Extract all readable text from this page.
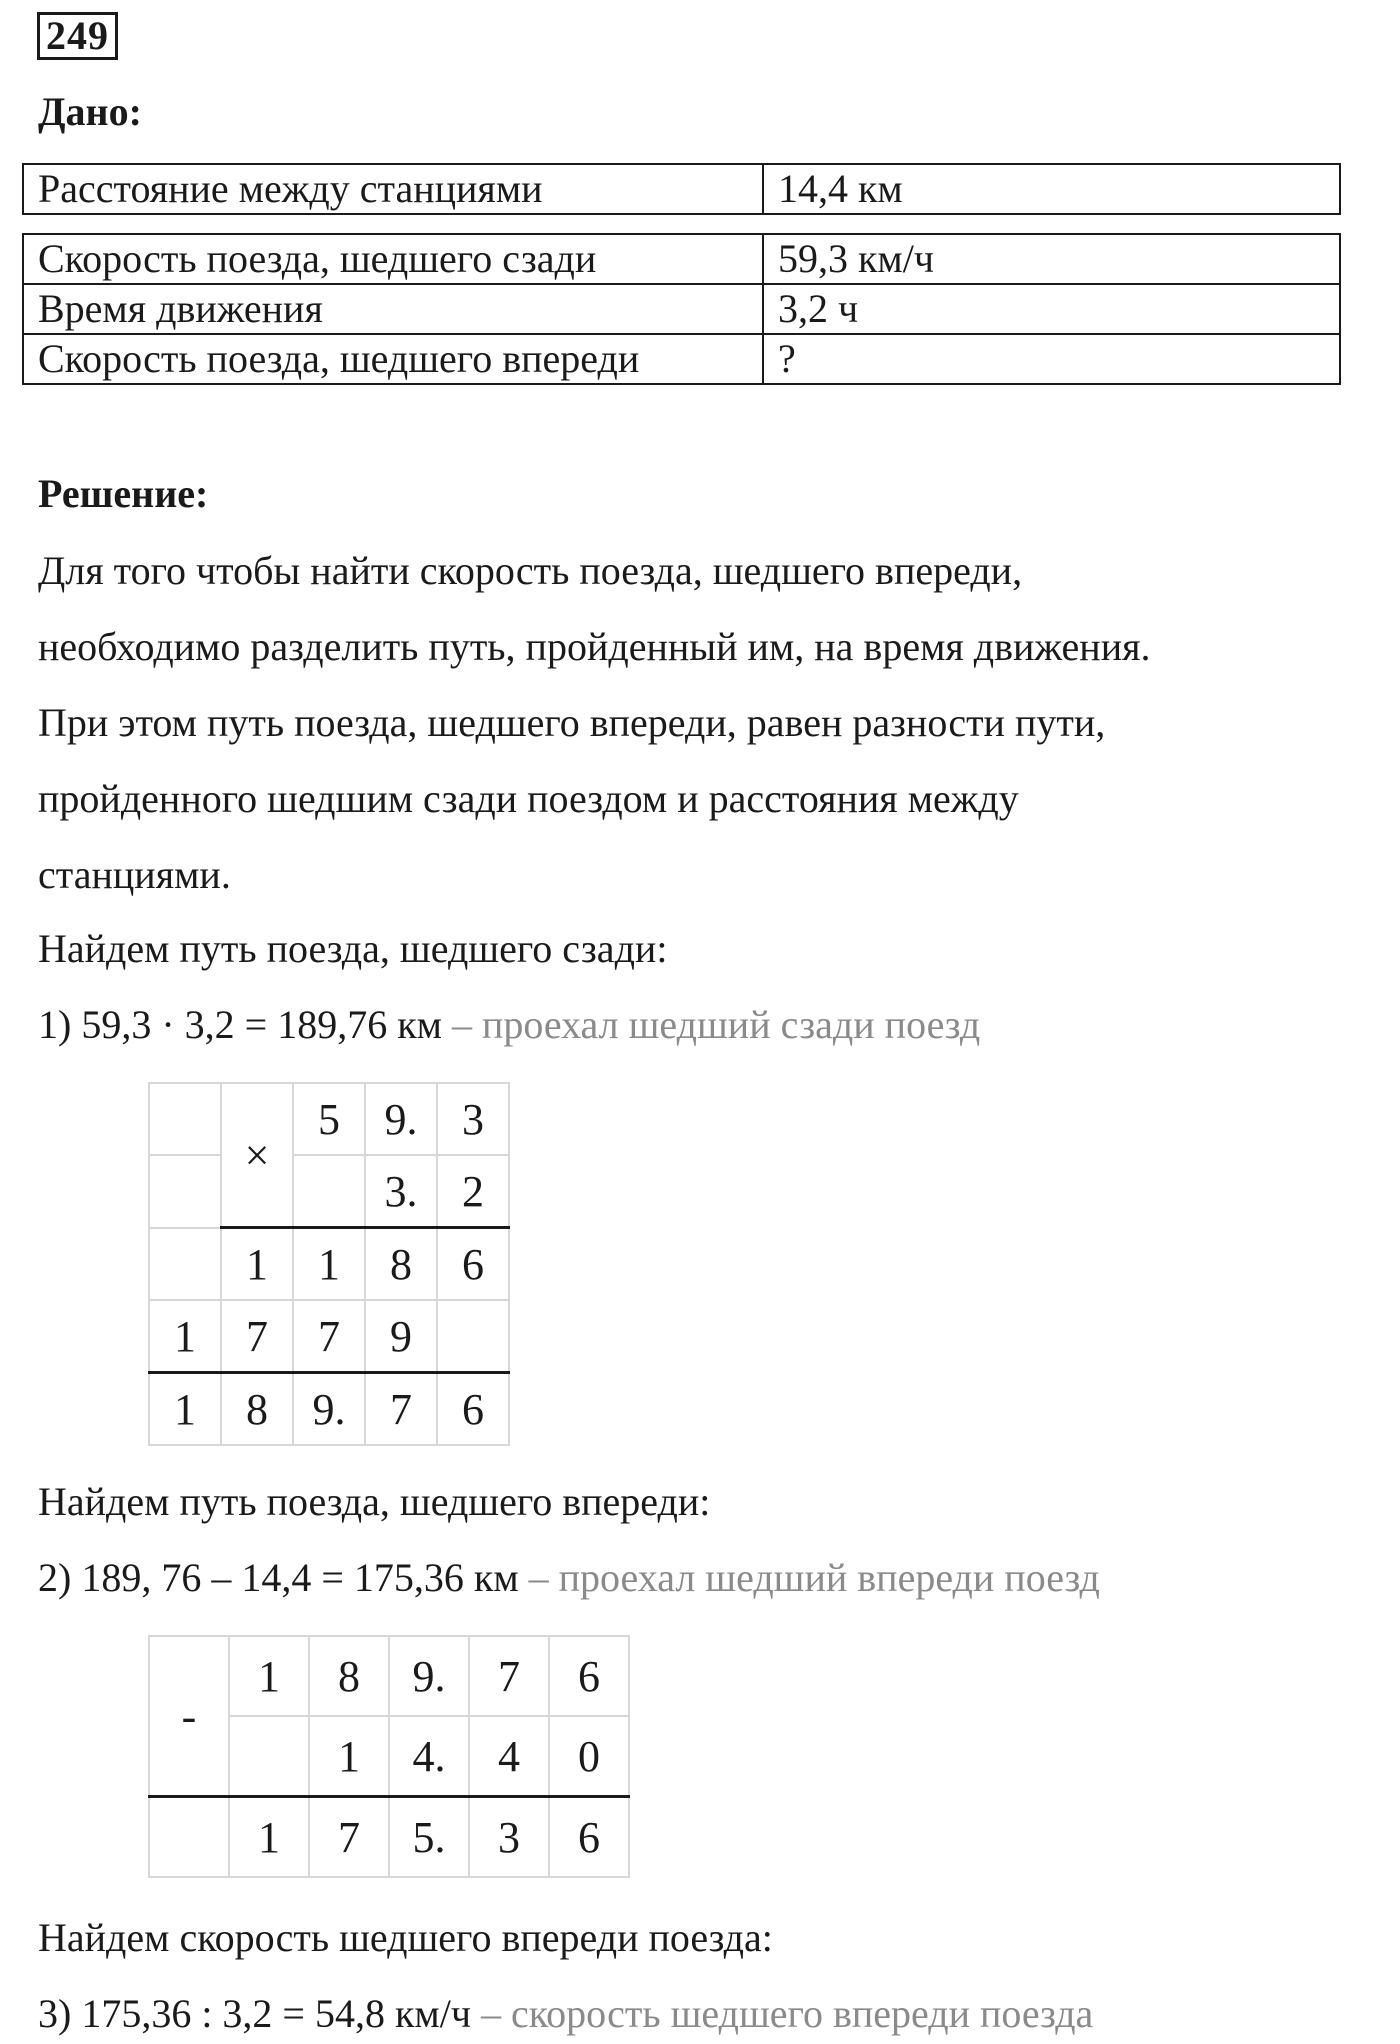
249
Дано:
Расстояние между станциями	14,4 км
Скорость поезда, шедшего сзади	59,3 км/ч
Время движения	3,2 ч
Скорость поезда, шедшего впереди	?
Решение:
Для того чтобы найти скорость поезда, шедшего впереди,
необходимо разделить путь, пройденный им, на время движения.
При этом путь поезда, шедшего впереди, равен разности пути,
пройденного шедшим сзади поездом и расстояния между
станциями.
Найдем путь поезда, шедшего сзади:
1) 59,3 · 3,2 = 189,76 км – проехал шедший сзади поезд
	×	5	9.	3
			3.	2
	1	1	8	6
1	7	7	9	
1	8	9.	7	6
Найдем путь поезда, шедшего впереди:
2) 189, 76 – 14,4 = 175,36 км – проехал шедший впереди поезд
-	1	8	9.	7	6
		1	4.	4	0
	1	7	5.	3	6
Найдем скорость шедшего впереди поезда:
3) 175,36 : 3,2 = 54,8 км/ч – скорость шедшего впереди поезда
